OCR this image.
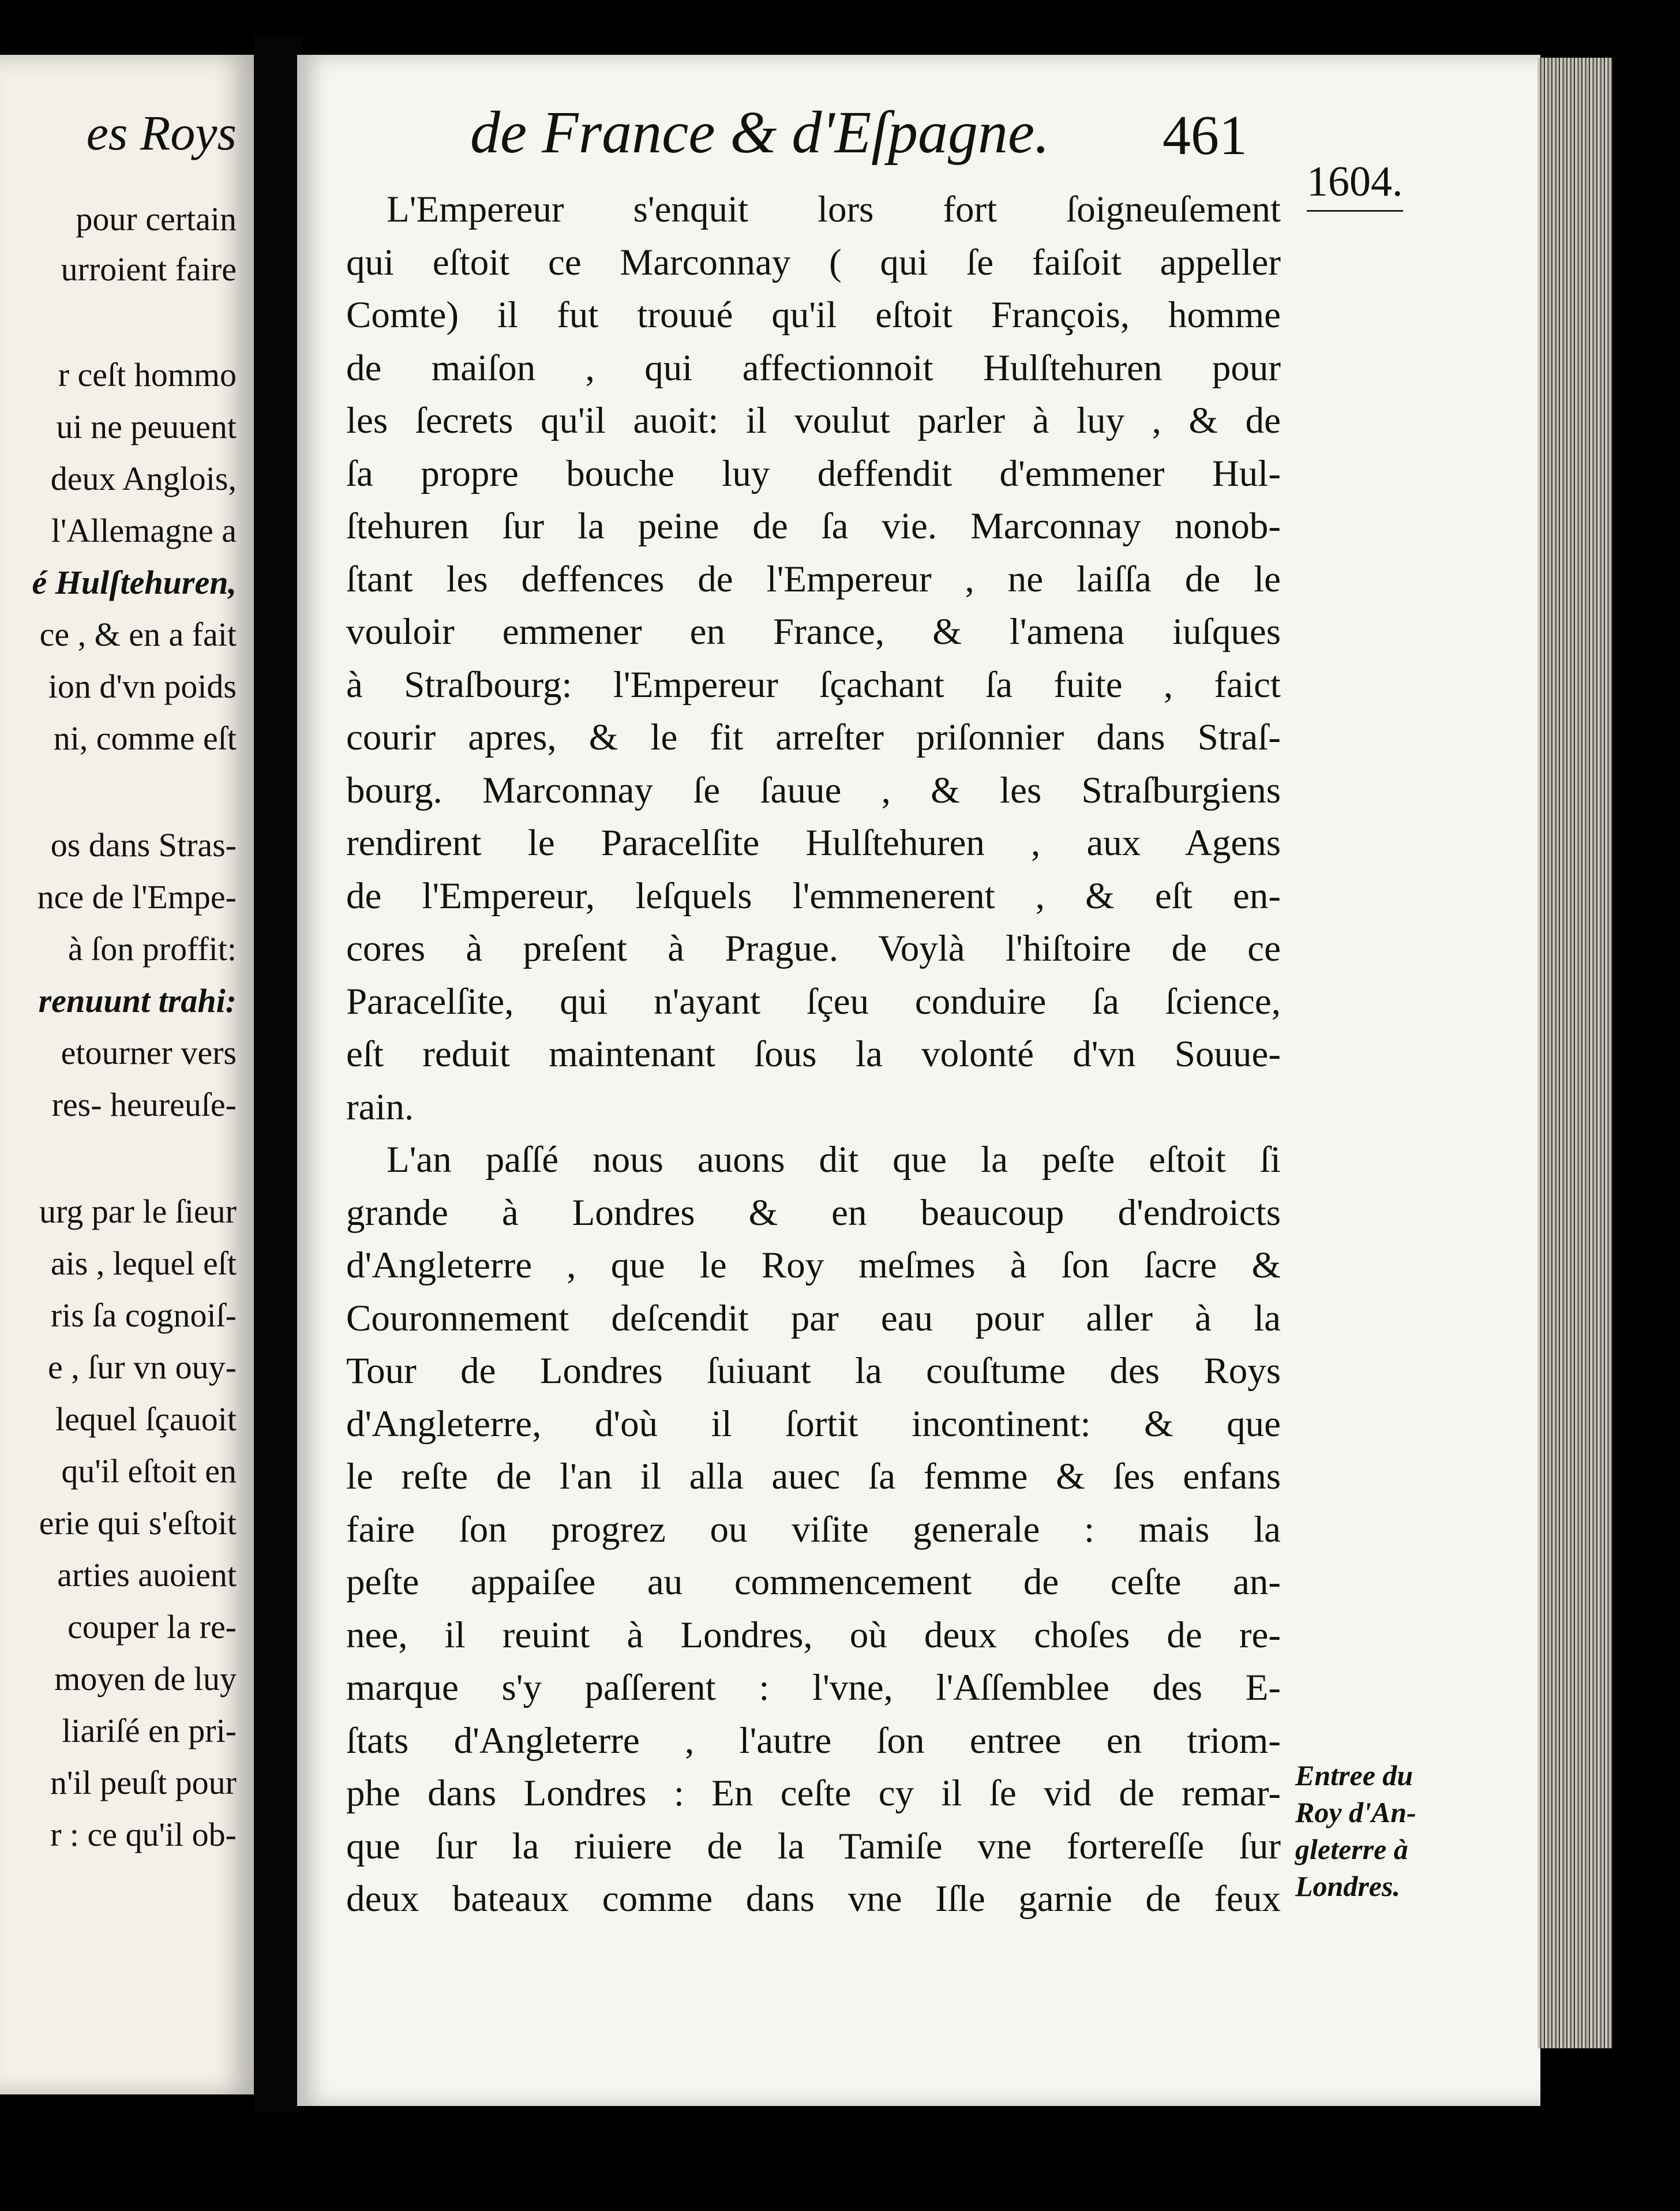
es Roys
pour certain
urroient faire
r ceſt hommo
ui ne peuuent
deux Anglois,
l'Allemagne a
é Hulſtehuren,
ce , & en a fait
ion d'vn poids
ni, comme eſt
os dans Stras-
nce de l'Empe-
à ſon proffit:
renuunt trahi:
etourner vers
res- heureuſe-
urg par le ſieur
ais , lequel eſt
ris ſa cognoiſ-
e , ſur vn ouy-
lequel ſçauoit
qu'il eſtoit en
erie qui s'eſtoit
arties auoient
couper la re-
moyen de luy
liariſé en pri-
n'il peuſt pour
r : ce qu'il ob-
de France & d'Eſpagne. 461
1604.
L'Empereur s'enquit lors fort ſoigneuſement
qui eſtoit ce Marconnay ( qui ſe faiſoit appeller
Comte) il fut trouué qu'il eſtoit François, homme
de maiſon , qui affectionnoit Hulſtehuren pour
les ſecrets qu'il auoit: il voulut parler à luy , & de
ſa propre bouche luy deffendit d'emmener Hul-
ſtehuren ſur la peine de ſa vie. Marconnay nonob-
ſtant les deffences de l'Empereur , ne laiſſa de le
vouloir emmener en France, & l'amena iuſques
à Straſbourg: l'Empereur ſçachant ſa fuite , faict
courir apres, & le fit arreſter priſonnier dans Straſ-
bourg. Marconnay ſe ſauue , & les Straſburgiens
rendirent le Paracelſite Hulſtehuren , aux Agens
de l'Empereur, leſquels l'emmenerent , & eſt en-
cores à preſent à Prague. Voylà l'hiſtoire de ce
Paracelſite, qui n'ayant ſçeu conduire ſa ſcience,
eſt reduit maintenant ſous la volonté d'vn Souue-
rain.
L'an paſſé nous auons dit que la peſte eſtoit ſi
grande à Londres & en beaucoup d'endroicts
d'Angleterre , que le Roy meſmes à ſon ſacre &
Couronnement deſcendit par eau pour aller à la
Tour de Londres ſuiuant la couſtume des Roys
d'Angleterre, d'où il ſortit incontinent: & que
le reſte de l'an il alla auec ſa femme & ſes enfans
faire ſon progrez ou viſite generale : mais la
peſte appaiſee au commencement de ceſte an-
nee, il reuint à Londres, où deux choſes de re-
marque s'y paſſerent : l'vne, l'Aſſemblee des E-
ſtats d'Angleterre , l'autre ſon entree en triom-
phe dans Londres : En ceſte cy il ſe vid de remar-
que ſur la riuiere de la Tamiſe vne fortereſſe ſur
deux bateaux comme dans vne Iſle garnie de feux
Entree du
Roy d'An-
gleterre à
Londres.
